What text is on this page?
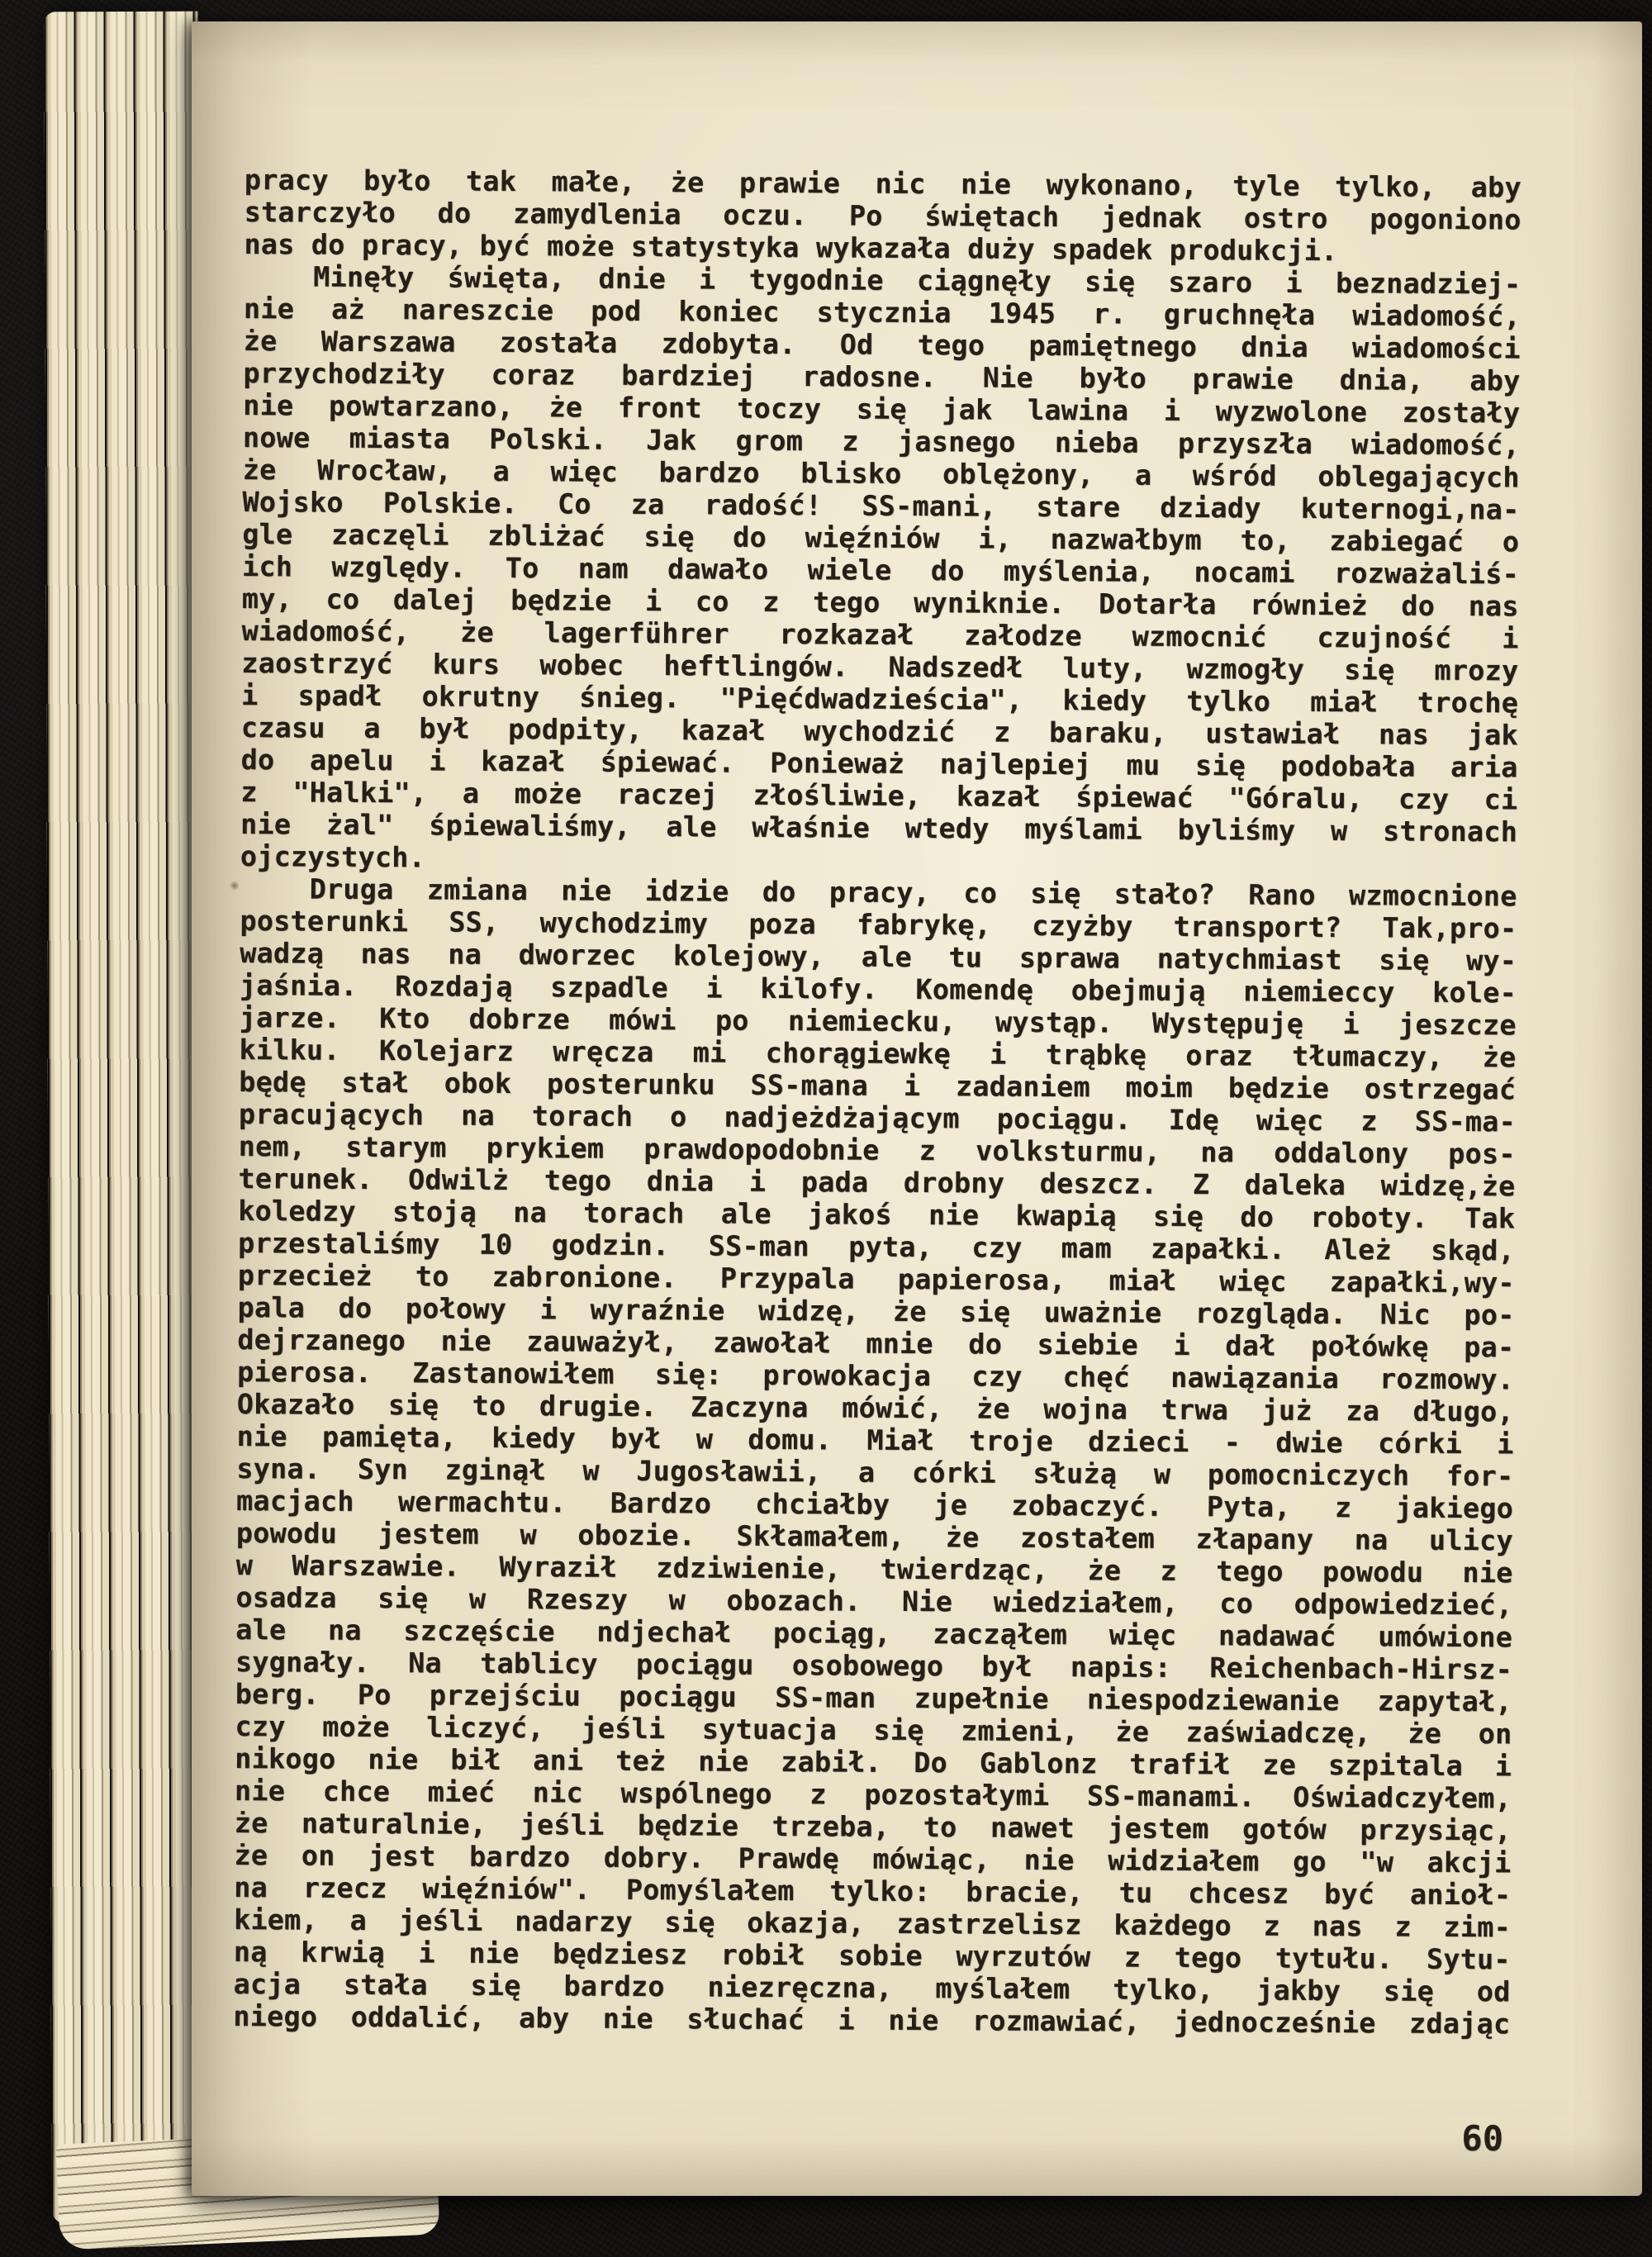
pracy było tak małe, że prawie nic nie wykonano, tyle tylko, aby
starczyło do zamydlenia oczu. Po świętach jednak ostro pogoniono
nas do pracy, być może statystyka wykazała duży spadek produkcji.
Minęły święta, dnie i tygodnie ciągnęły się szaro i beznadziej-
nie aż nareszcie pod koniec stycznia 1945 r. gruchnęła wiadomość,
że Warszawa została zdobyta. Od tego pamiętnego dnia wiadomości
przychodziły coraz bardziej radosne. Nie było prawie dnia, aby
nie powtarzano, że front toczy się jak lawina i wyzwolone zostały
nowe miasta Polski. Jak grom z jasnego nieba przyszła wiadomość,
że Wrocław, a więc bardzo blisko oblężony, a wśród oblegających
Wojsko Polskie. Co za radość! SS-mani, stare dziady kuternogi,na-
gle zaczęli zbliżać się do więźniów i, nazwałbym to, zabiegać o
ich względy. To nam dawało wiele do myślenia, nocami rozważaliś-
my, co dalej będzie i co z tego wyniknie. Dotarła również do nas
wiadomość, że lagerführer rozkazał załodze wzmocnić czujność i
zaostrzyć kurs wobec heftlingów. Nadszedł luty, wzmogły się mrozy
i spadł okrutny śnieg. "Pięćdwadzieścia", kiedy tylko miał trochę
czasu a był podpity, kazał wychodzić z baraku, ustawiał nas jak
do apelu i kazał śpiewać. Ponieważ najlepiej mu się podobała aria
z "Halki", a może raczej złośliwie, kazał śpiewać "Góralu, czy ci
nie żal" śpiewaliśmy, ale właśnie wtedy myślami byliśmy w stronach
ojczystych.
Druga zmiana nie idzie do pracy, co się stało? Rano wzmocnione
posterunki SS, wychodzimy poza fabrykę, czyżby transport? Tak,pro-
wadzą nas na dworzec kolejowy, ale tu sprawa natychmiast się wy-
jaśnia. Rozdają szpadle i kilofy. Komendę obejmują niemieccy kole-
jarze. Kto dobrze mówi po niemiecku, wystąp. Występuję i jeszcze
kilku. Kolejarz wręcza mi chorągiewkę i trąbkę oraz tłumaczy, że
będę stał obok posterunku SS-mana i zadaniem moim będzie ostrzegać
pracujących na torach o nadjeżdżającym pociągu. Idę więc z SS-ma-
nem, starym prykiem prawdopodobnie z volksturmu, na oddalony pos-
terunek. Odwilż tego dnia i pada drobny deszcz. Z daleka widzę,że
koledzy stoją na torach ale jakoś nie kwapią się do roboty. Tak
przestaliśmy 10 godzin. SS-man pyta, czy mam zapałki. Ależ skąd,
przecież to zabronione. Przypala papierosa, miał więc zapałki,wy-
pala do połowy i wyraźnie widzę, że się uważnie rozgląda. Nic po-
dejrzanego nie zauważył, zawołał mnie do siebie i dał połówkę pa-
pierosa. Zastanowiłem się: prowokacja czy chęć nawiązania rozmowy.
Okazało się to drugie. Zaczyna mówić, że wojna trwa już za długo,
nie pamięta, kiedy był w domu. Miał troje dzieci - dwie córki i
syna. Syn zginął w Jugosławii, a córki służą w pomocniczych for-
macjach wermachtu. Bardzo chciałby je zobaczyć. Pyta, z jakiego
powodu jestem w obozie. Skłamałem, że zostałem złapany na ulicy
w Warszawie. Wyraził zdziwienie, twierdząc, że z tego powodu nie
osadza się w Rzeszy w obozach. Nie wiedziałem, co odpowiedzieć,
ale na szczęście ndjechał pociąg, zacząłem więc nadawać umówione
sygnały. Na tablicy pociągu osobowego był napis: Reichenbach-Hirsz-
berg. Po przejściu pociągu SS-man zupełnie niespodziewanie zapytał,
czy może liczyć, jeśli sytuacja się zmieni, że zaświadczę, że on
nikogo nie bił ani też nie zabił. Do Gablonz trafił ze szpitala i
nie chce mieć nic wspólnego z pozostałymi SS-manami. Oświadczyłem,
że naturalnie, jeśli będzie trzeba, to nawet jestem gotów przysiąc,
że on jest bardzo dobry. Prawdę mówiąc, nie widziałem go "w akcji
na rzecz więźniów". Pomyślałem tylko: bracie, tu chcesz być anioł-
kiem, a jeśli nadarzy się okazja, zastrzelisz każdego z nas z zim-
ną krwią i nie będziesz robił sobie wyrzutów z tego tytułu. Sytu-
acja stała się bardzo niezręczna, myślałem tylko, jakby się od
niego oddalić, aby nie słuchać i nie rozmawiać, jednocześnie zdając
60
